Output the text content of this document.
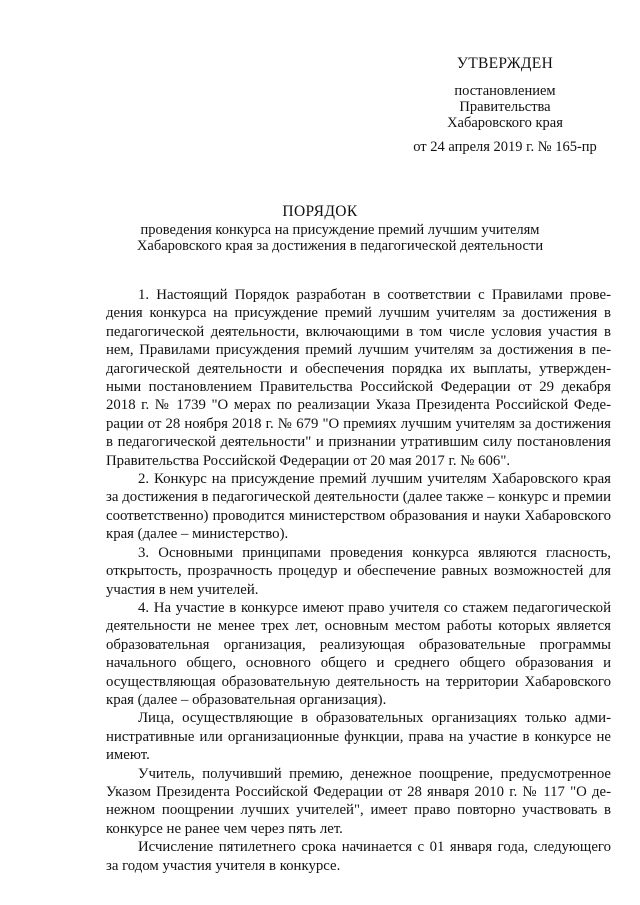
УТВЕРЖДЕН
постановлением
Правительства
Хабаровского края
от 24 апреля 2019 г. № 165-пр
ПОРЯДОК
проведения конкурса на присуждение премий лучшим учителям
Хабаровского края за достижения в педагогической деятельности

1. Настоящий Порядок разработан в соответствии с Правилами проведения конкурса на присуждение премий лучшим учителям за достижения в педагогической деятельности, включающими в том числе условия участия в нем, Правилами присуждения премий лучшим учителям за достижения в педагогической деятельности и обеспечения порядка их выплаты, утвержденными постановлением Правительства Российской Федерации от 29 декабря 2018 г. № 1739 "О мерах по реализации Указа Президента Российской Федерации от 28 ноября 2018 г. № 679 "О премиях лучшим учителям за достижения в педагогической деятельности" и признании утратившим силу постановления Правительства Российской Федерации от 20 мая 2017 г. № 606".

2. Конкурс на присуждение премий лучшим учителям Хабаровского края за достижения в педагогической деятельности (далее также – конкурс и премии соответственно) проводится министерством образования и науки Хабаровского края (далее – министерство).

3. Основными принципами проведения конкурса являются гласность, открытость, прозрачность процедур и обеспечение равных возможностей для участия в нем учителей.

4. На участие в конкурсе имеют право учителя со стажем педагогической деятельности не менее трех лет, основным местом работы которых является образовательная организация, реализующая образовательные программы начального общего, основного общего и среднего общего образования и осуществляющая образовательную деятельность на территории Хабаровского края (далее – образовательная организация).

Лица, осуществляющие в образовательных организациях только административные или организационные функции, права на участие в конкурсе не имеют.

Учитель, получивший премию, денежное поощрение, предусмотренное Указом Президента Российской Федерации от 28 января 2010 г. № 117 "О денежном поощрении лучших учителей", имеет право повторно участвовать в конкурсе не ранее чем через пять лет.

Исчисление пятилетнего срока начинается с 01 января года, следующего за годом участия учителя в конкурсе.
